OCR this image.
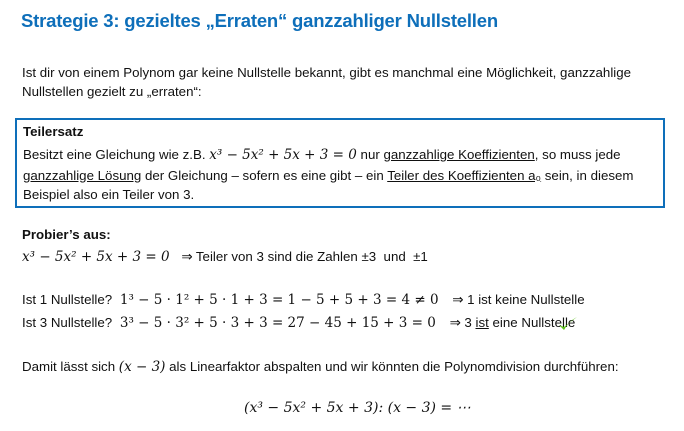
Strategie 3: gezieltes „Erraten“ ganzzahliger Nullstellen
Ist dir von einem Polynom gar keine Nullstelle bekannt, gibt es manchmal eine Möglichkeit, ganzzahlige Nullstellen gezielt zu „erraten“:
Teilersatz
Besitzt eine Gleichung wie z.B. x³ − 5x² + 5x + 3 = 0 nur ganzzahlige Koeffizienten, so muss jede ganzzahlige Lösung der Gleichung – sofern es eine gibt – ein Teiler des Koeffizienten a₀ sein, in diesem Beispiel also ein Teiler von 3.
Probier’s aus:
x³ − 5x² + 5x + 3 = 0 ⇒ Teiler von 3 sind die Zahlen ±3  und  ±1
Ist 1 Nullstelle? 1³ − 5 · 1² + 5 · 1 + 3 = 1 − 5 + 5 + 3 = 4 ≠ 0 ⇒ 1 ist keine Nullstelle
Ist 3 Nullstelle? 3³ − 5 · 3² + 5 · 3 + 3 = 27 − 45 + 15 + 3 = 0 ⇒ 3 ist eine Nullstelle
Damit lässt sich (x − 3) als Linearfaktor abspalten und wir könnten die Polynomdivision durchführen:
(x³ − 5x² + 5x + 3): (x − 3) = ⋯
